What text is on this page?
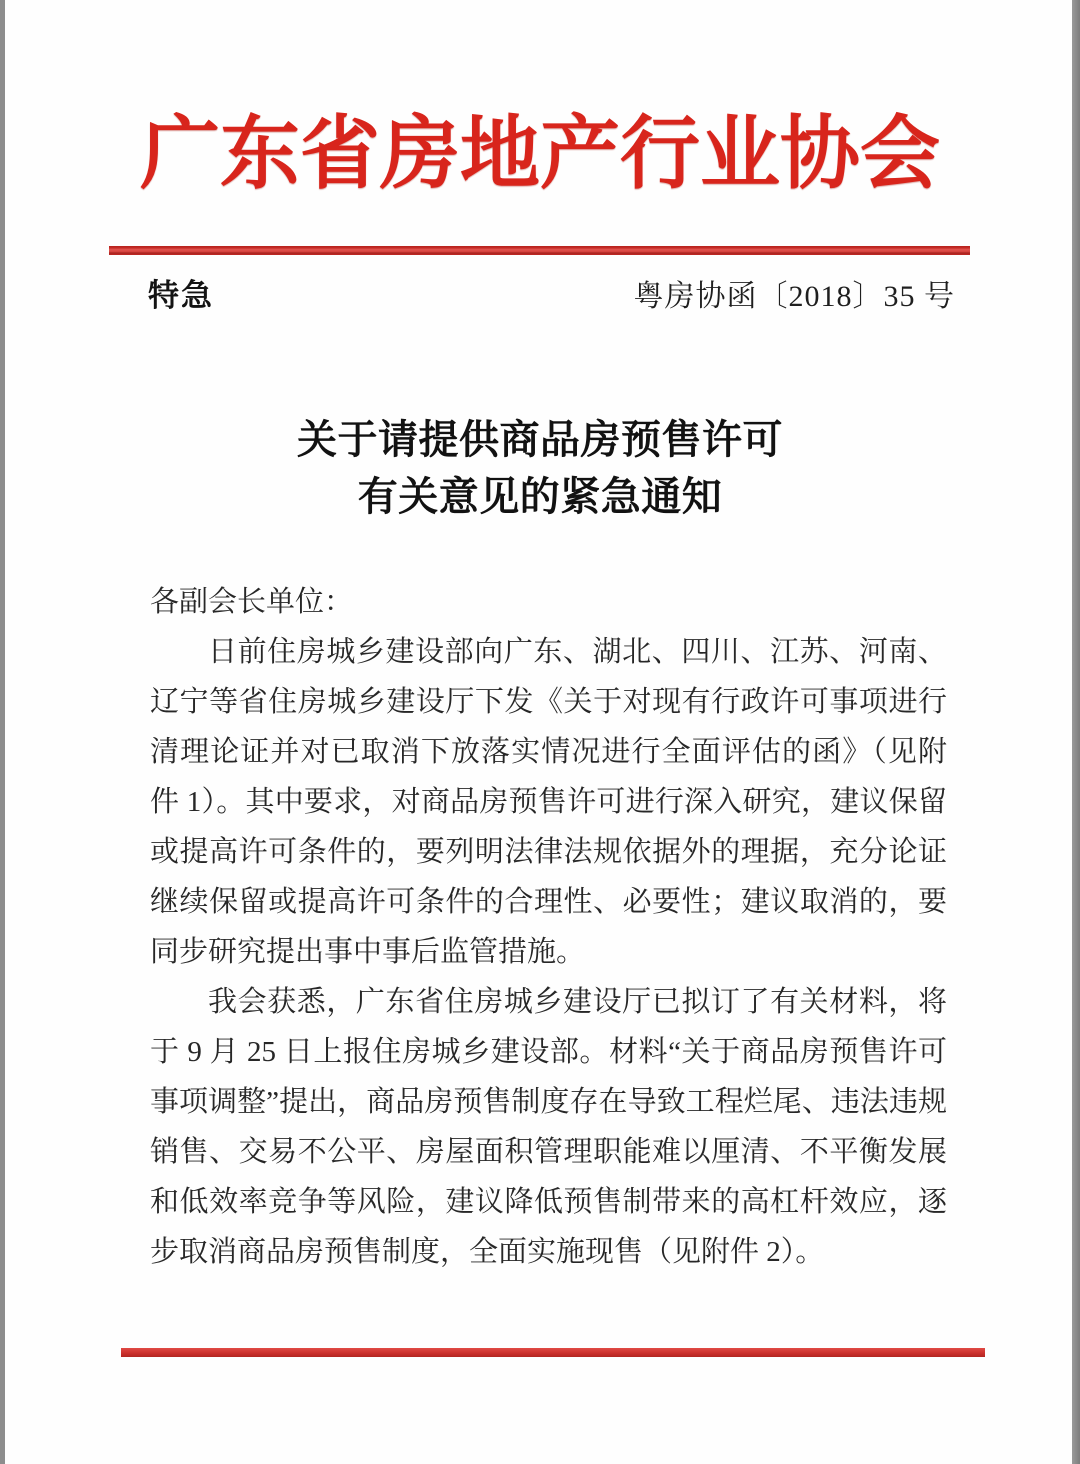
广东省房地产行业协会
特急	粤房协函〔2018〕35 号
关于请提供商品房预售许可
有关意见的紧急通知

各副会长单位：

日前住房城乡建设部向广东、湖北、四川、江苏、河南、辽宁等省住房城乡建设厅下发《关于对现有行政许可事项进行清理论证并对已取消下放落实情况进行全面评估的函》（见附件 1）。其中要求，对商品房预售许可进行深入研究，建议保留或提高许可条件的，要列明法律法规依据外的理据，充分论证继续保留或提高许可条件的合理性、必要性；建议取消的，要同步研究提出事中事后监管措施。

我会获悉，广东省住房城乡建设厅已拟订了有关材料，将于 9 月 25 日上报住房城乡建设部。材料“关于商品房预售许可事项调整”提出，商品房预售制度存在导致工程烂尾、违法违规销售、交易不公平、房屋面积管理职能难以厘清、不平衡发展和低效率竞争等风险，建议降低预售制带来的高杠杆效应，逐步取消商品房预售制度，全面实施现售（见附件 2）。
